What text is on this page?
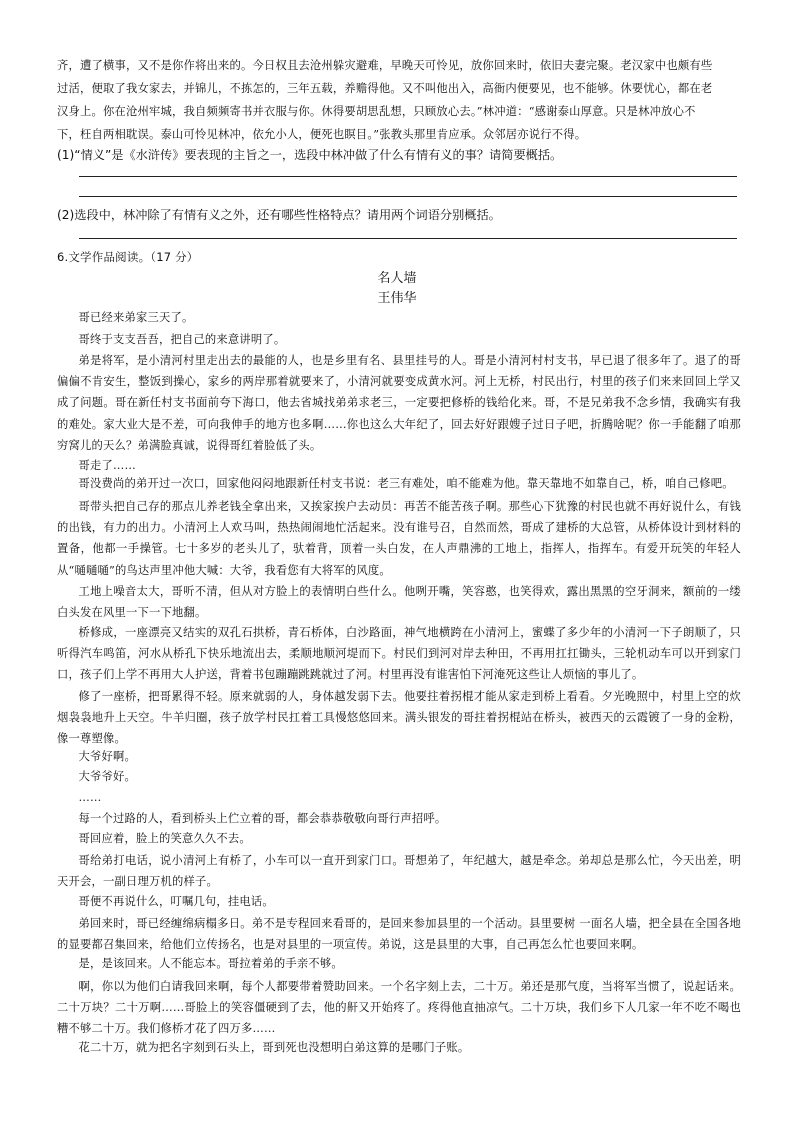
齐，遭了横事，又不是你作将出来的。今日权且去沧州躲灾避难，早晚天可怜见，放你回来时，依旧夫妻完聚。老汉家中也颇有些
过活，便取了我女家去，并锦儿，不拣怎的，三年五载，养赡得他。又不叫他出入，高衙内便要见，也不能够。休要忧心，都在老
汉身上。你在沧州牢城，我自频频寄书并衣服与你。休得要胡思乱想，只顾放心去。”林冲道：“感谢泰山厚意。只是林冲放心不
下，枉自两相耽误。泰山可怜见林冲，依允小人，便死也瞑目。”张教头那里肯应承。众邻居亦说行不得。
(1)“情义”是《水浒传》要表现的主旨之一，选段中林冲做了什么有情有义的事？请简要概括。
(2)选段中，林冲除了有情有义之外，还有哪些性格特点？请用两个词语分别概括。
6.文学作品阅读。（17 分）
名人墙
王伟华
哥已经来弟家三天了。
哥终于支支吾吾，把自己的来意讲明了。
弟是将军，是小清河村里走出去的最能的人，也是乡里有名、县里挂号的人。哥是小清河村村支书，早已退了很多年了。退了的哥偏偏不肯安生，整饭到操心，家乡的两岸那着就要来了，小清河就要变成黄水河。河上无桥，村民出行，村里的孩子们来来回回上学又成了问题。哥在新任村支书面前夸下海口，他去省城找弟弟求老三，一定要把修桥的钱给化来。哥，不是兄弟我不念乡情，我确实有我的难处。家大业大是不差，可向我伸手的地方也多啊……你也这么大年纪了，回去好好跟嫂子过日子吧，折腾啥呢？你一手能翻了咱那穷窝儿的天么？弟满脸真诚，说得哥红着脸低了头。
哥走了……
哥没费尚的弟开过一次口，回家他闷闷地跟新任村支书说：老三有难处，咱不能难为他。靠天靠地不如靠自己，桥，咱自己修吧。
哥带头把自己存的那点儿养老钱全拿出来，又挨家挨户去动员：再苦不能苦孩子啊。那些心下犹豫的村民也就不再好说什么，有钱的出钱，有力的出力。小清河上人欢马叫，热热闹闹地忙活起来。没有谁号召，自然而然，哥成了建桥的大总管，从桥体设计到材料的置备，他都一手操管。七十多岁的老头儿了，驮着背，顶着一头白发，在人声鼎沸的工地上，指挥人，指挥车。有爱开玩笑的年轻人从“嗵嗵嗵”的鸟达声里冲他大喊：大爷，我看您有大将军的风度。
工地上噪音太大，哥听不清，但从对方脸上的表情明白些什么。他咧开嘴，笑容憨，也笑得欢，露出黑黑的空牙洞来，额前的一缕白头发在风里一下一下地翻。
桥修成，一座漂亮又结实的双孔石拱桥，青石桥体，白沙路面，神气地横跨在小清河上，蜜蝶了多少年的小清河一下子朗顺了，只听得汽车鸣笛，河水从桥孔下快乐地流出去，柔顺地顺河堤而下。村民们到河对岸去种田，不再用扛扛锄头，三轮机动车可以开到家门口，孩子们上学不再用大人护送，背着书包蹦蹦跳跳就过了河。村里再没有谁害怕下河淹死这些让人烦恼的事儿了。
修了一座桥，把哥累得不轻。原来就弱的人，身体越发弱下去。他要拄着拐棍才能从家走到桥上看看。夕光晚照中，村里上空的炊烟袅袅地升上天空。牛羊归圈，孩子放学村民扛着工具慢悠悠回来。满头银发的哥拄着拐棍站在桥头，被西天的云霞镀了一身的金粉，像一尊塑像。
大爷好啊。
大爷爷好。
……
每一个过路的人，看到桥头上伫立着的哥，都会恭恭敬敬向哥行声招呼。
哥回应着，脸上的笑意久久不去。
哥给弟打电话，说小清河上有桥了，小车可以一直开到家门口。哥想弟了，年纪越大，越是牵念。弟却总是那么忙，今天出差，明天开会，一副日理万机的样子。
哥便不再说什么，叮嘱几句，挂电话。
弟回来时，哥已经缠绵病榻多日。弟不是专程回来看哥的，是回来参加县里的一个活动。县里要树 一面名人墙，把全县在全国各地的显要都召集回来，给他们立传扬名，也是对县里的一项宣传。弟说，这是县里的大事，自己再怎么忙也要回来啊。
是，是该回来。人不能忘本。哥拉着弟的手亲不够。
啊，你以为他们白请我回来啊，每个人都要带着赞助回来。一个名字刻上去，二十万。弟还是那气度，当将军当惯了，说起话来。二十万块？二十万啊……哥脸上的笑容僵硬到了去，他的鼾又开始疼了。疼得他直抽凉气。二十万块，我们乡下人几家一年不吃不喝也糟不够二十万。我们修桥才花了四万多……
花二十万，就为把名字刻到石头上，哥到死也没想明白弟这算的是哪门子账。
